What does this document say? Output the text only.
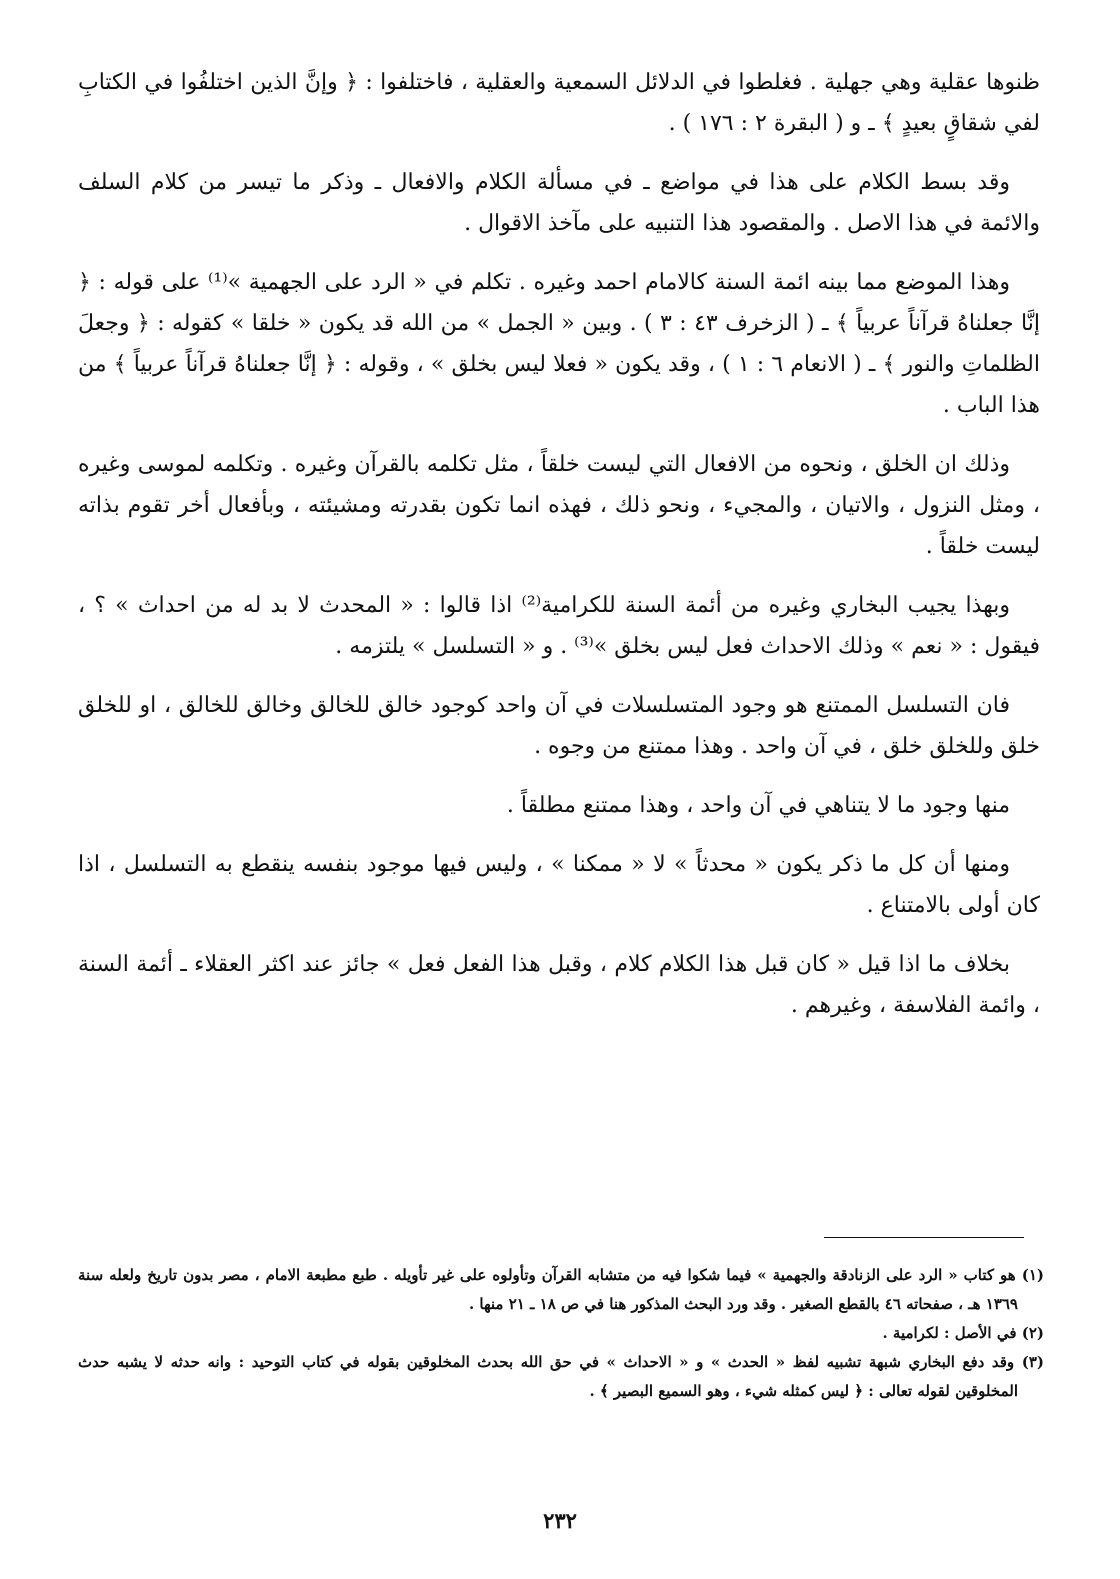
ظنوها عقلية وهي جهلية . فغلطوا في الدلائل السمعية والعقلية ، فاختلفوا : ﴿ وإنَّ الذين اختلفُوا في الكتابِ لفي شقاقٍ بعيدٍ ﴾ ـ و ( البقرة ٢ : ١٧٦ ) .

وقد بسط الكلام على هذا في مواضع ـ في مسألة الكلام والافعال ـ وذكر ما تيسر من كلام السلف والائمة في هذا الاصل . والمقصود هذا التنبيه على مآخذ الاقوال .

وهذا الموضع مما بينه ائمة السنة كالامام احمد وغيره . تكلم في « الرد على الجهمية »⁽¹⁾ على قوله : ﴿ إنَّا جعلناهُ قرآناً عربياً ﴾ ـ ( الزخرف ٤٣ : ٣ ) . وبين « الجمل » من الله قد يكون « خلقا » كقوله : ﴿ وجعلَ الظلماتِ والنور ﴾ ـ ( الانعام ٦ : ١ ) ، وقد يكون « فعلا ليس بخلق » ، وقوله : ﴿ إنَّا جعلناهُ قرآناً عربياً ﴾ من هذا الباب .

وذلك ان الخلق ، ونحوه من الافعال التي ليست خلقاً ، مثل تكلمه بالقرآن وغيره . وتكلمه لموسى وغيره ، ومثل النزول ، والاتيان ، والمجيء ، ونحو ذلك ، فهذه انما تكون بقدرته ومشيئته ، وبأفعال أخر تقوم بذاته ليست خلقاً .

وبهذا يجيب البخاري وغيره من أئمة السنة للكرامية⁽²⁾ اذا قالوا : « المحدث لا بد له من احداث » ؟ ، فيقول : « نعم » وذلك الاحداث فعل ليس بخلق »⁽³⁾ . و « التسلسل » يلتزمه .

فان التسلسل الممتنع هو وجود المتسلسلات في آن واحد كوجود خالق للخالق وخالق للخالق ، او للخلق خلق وللخلق خلق ، في آن واحد . وهذا ممتنع من وجوه .

منها وجود ما لا يتناهي في آن واحد ، وهذا ممتنع مطلقاً .

ومنها أن كل ما ذكر يكون « محدثاً » لا « ممكنا » ، وليس فيها موجود بنفسه ينقطع به التسلسل ، اذا كان أولى بالامتناع .

بخلاف ما اذا قيل « كان قبل هذا الكلام كلام ، وقبل هذا الفعل فعل » جائز عند اكثر العقلاء ـ أئمة السنة ، وائمة الفلاسفة ، وغيرهم .

(١) هو كتاب « الرد على الزنادقة والجهمية » فيما شكوا فيه من متشابه القرآن وتأولوه على غير تأويله . طبع مطبعة الامام ، مصر بدون تاريخ ولعله سنة ١٣٦٩ هـ ، صفحاته ٤٦ بالقطع الصغير . وقد ورد البحث المذكور هنا في ص ١٨ ـ ٢١ منها .

(٢) في الأصل : لكرامية .

(٣) وقد دفع البخاري شبهة تشبيه لفظ « الحدث » و « الاحداث » في حق الله بحدث المخلوقين بقوله في كتاب التوحيد : وانه حدثه لا يشبه حدث المخلوقين لقوله تعالى : ﴿ ليس كمثله شيء ، وهو السميع البصير ﴾ .

٢٣٢
